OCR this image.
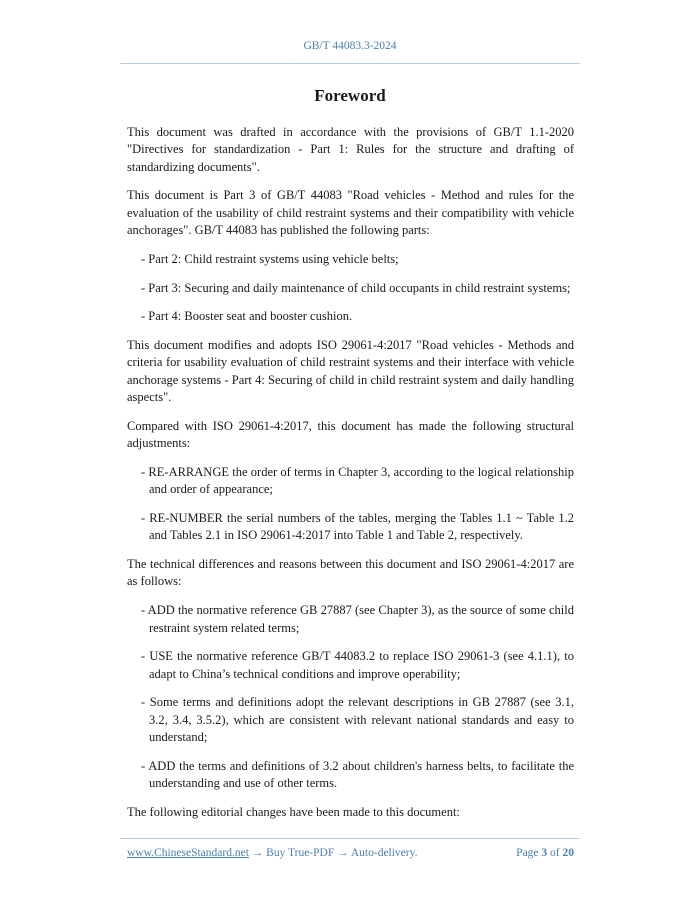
GB/T 44083.3-2024
Foreword

This document was drafted in accordance with the provisions of GB/T 1.1-2020 "Directives for standardization - Part 1: Rules for the structure and drafting of standardizing documents".

This document is Part 3 of GB/T 44083 "Road vehicles - Method and rules for the evaluation of the usability of child restraint systems and their compatibility with vehicle anchorages". GB/T 44083 has published the following parts:

- Part 2: Child restraint systems using vehicle belts;
- Part 3: Securing and daily maintenance of child occupants in child restraint systems;
- Part 4: Booster seat and booster cushion.

This document modifies and adopts ISO 29061-4:2017 "Road vehicles - Methods and criteria for usability evaluation of child restraint systems and their interface with vehicle anchorage systems - Part 4: Securing of child in child restraint system and daily handling aspects".

Compared with ISO 29061-4:2017, this document has made the following structural adjustments:

- RE-ARRANGE the order of terms in Chapter 3, according to the logical relationship and order of appearance;
- RE-NUMBER the serial numbers of the tables, merging the Tables 1.1 ~ Table 1.2 and Tables 2.1 in ISO 29061-4:2017 into Table 1 and Table 2, respectively.

The technical differences and reasons between this document and ISO 29061-4:2017 are as follows:

- ADD the normative reference GB 27887 (see Chapter 3), as the source of some child restraint system related terms;
- USE the normative reference GB/T 44083.2 to replace ISO 29061-3 (see 4.1.1), to adapt to China’s technical conditions and improve operability;
- Some terms and definitions adopt the relevant descriptions in GB 27887 (see 3.1, 3.2, 3.4, 3.5.2), which are consistent with relevant national standards and easy to understand;
- ADD the terms and definitions of 3.2 about children's harness belts, to facilitate the understanding and use of other terms.

The following editorial changes have been made to this document:

www.ChineseStandard.net → Buy True-PDF → Auto-delivery.	Page 3 of 20
